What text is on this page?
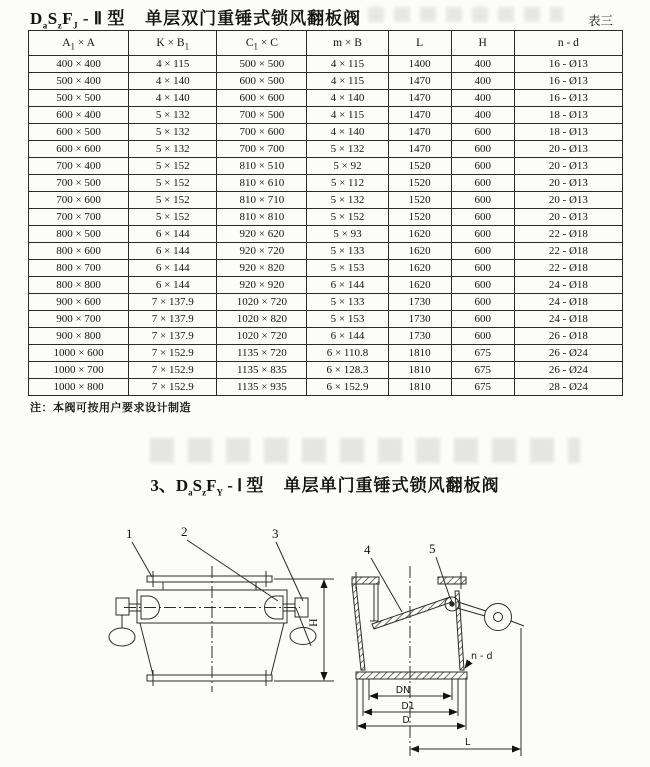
$D_aS_zF_J$ - Ⅱ 型 单层双门重锤式锁风翻板阀	表三
$A_1 \times A$	$K \times B_1$	$C_1 \times C$	m × B	L	H	n - d
400 × 400	4 × 115	500 × 500	4 × 115	1400	400	16 - Ø13
500 × 400	4 × 140	600 × 500	4 × 115	1470	400	16 - Ø13
500 × 500	4 × 140	600 × 600	4 × 140	1470	400	16 - Ø13
600 × 400	5 × 132	700 × 500	4 × 115	1470	400	18 - Ø13
600 × 500	5 × 132	700 × 600	4 × 140	1470	600	18 - Ø13
600 × 600	5 × 132	700 × 700	5 × 132	1470	600	20 - Ø13
700 × 400	5 × 152	810 × 510	5 × 92	1520	600	20 - Ø13
700 × 500	5 × 152	810 × 610	5 × 112	1520	600	20 - Ø13
700 × 600	5 × 152	810 × 710	5 × 132	1520	600	20 - Ø13
700 × 700	5 × 152	810 × 810	5 × 152	1520	600	20 - Ø13
800 × 500	6 × 144	920 × 620	5 × 93	1620	600	22 - Ø18
800 × 600	6 × 144	920 × 720	5 × 133	1620	600	22 - Ø18
800 × 700	6 × 144	920 × 820	5 × 153	1620	600	22 - Ø18
800 × 800	6 × 144	920 × 920	6 × 144	1620	600	24 - Ø18
900 × 600	7 × 137.9	1020 × 720	5 × 133	1730	600	24 - Ø18
900 × 700	7 × 137.9	1020 × 820	5 × 153	1730	600	24 - Ø18
900 × 800	7 × 137.9	1020 × 720	6 × 144	1730	600	26 - Ø18
1000 × 600	7 × 152.9	1135 × 720	6 × 110.8	1810	675	26 - Ø24
1000 × 700	7 × 152.9	1135 × 835	6 × 128.3	1810	675	26 - Ø24
1000 × 800	7 × 152.9	1135 × 935	6 × 152.9	1810	675	28 - Ø24
注：本阀可按用户要求设计制造
3、$D_aS_zF_Y$ - Ⅰ 型 单层单门重锤式锁风翻板阀
1	2	3
H
4	5
n - d
DN
D1
D
L
